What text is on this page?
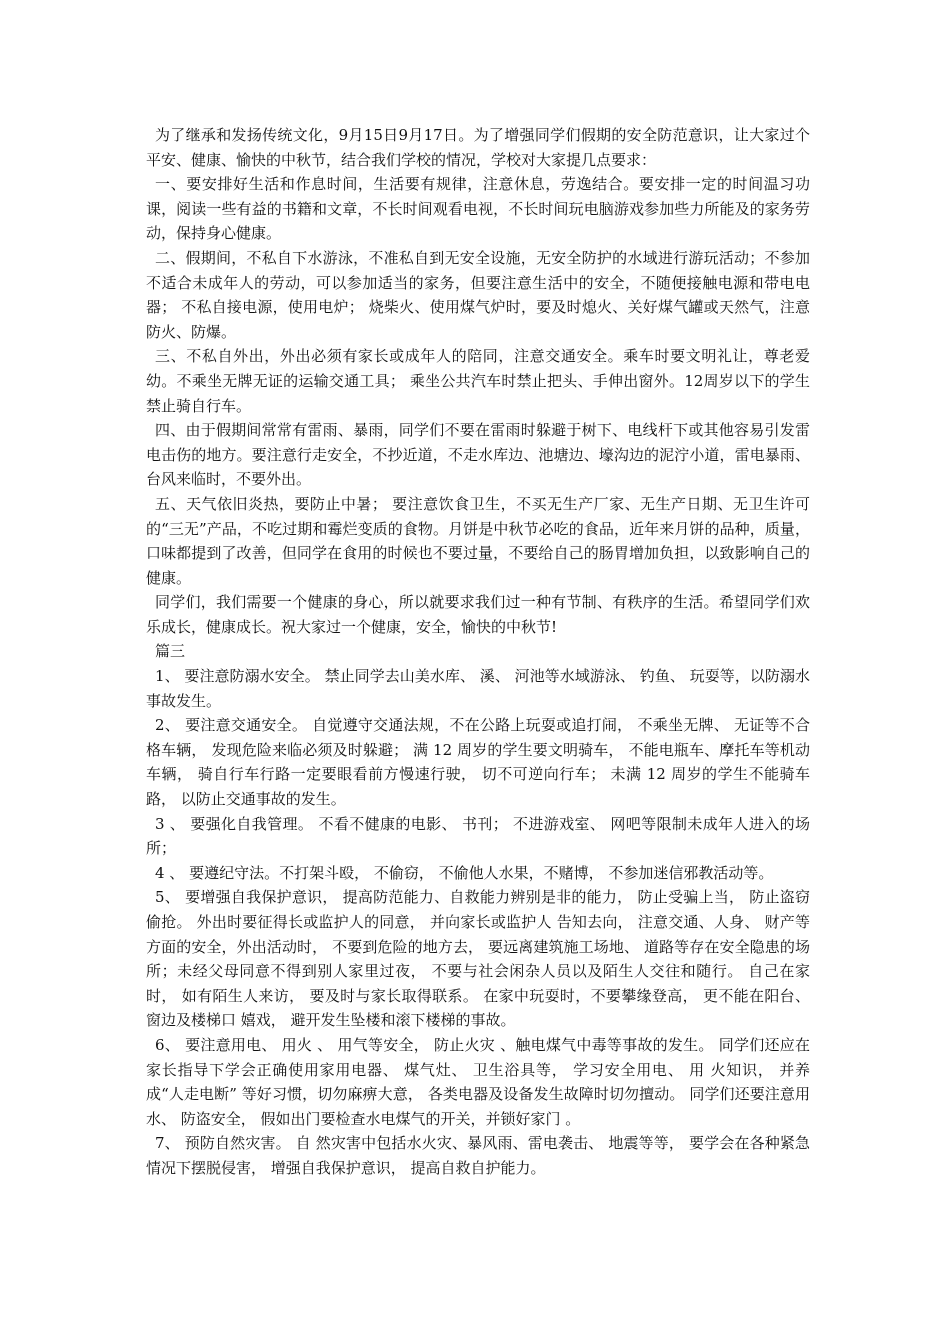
为了继承和发扬传统文化，9月15日9月17日。为了增强同学们假期的安全防范意识，让大家过个平安、健康、愉快的中秋节，结合我们学校的情况，学校对大家提几点要求：

一、要安排好生活和作息时间，生活要有规律，注意休息，劳逸结合。要安排一定的时间温习功课，阅读一些有益的书籍和文章，不长时间观看电视，不长时间玩电脑游戏参加些力所能及的家务劳动，保持身心健康。

二、假期间，不私自下水游泳，不准私自到无安全设施，无安全防护的水域进行游玩活动；不参加不适合未成年人的劳动，可以参加适当的家务，但要注意生活中的安全，不随便接触电源和带电电器； 不私自接电源，使用电炉； 烧柴火、使用煤气炉时，要及时熄火、关好煤气罐或天然气，注意防火、防爆。

三、不私自外出，外出必须有家长或成年人的陪同，注意交通安全。乘车时要文明礼让，尊老爱幼。不乘坐无牌无证的运输交通工具； 乘坐公共汽车时禁止把头、手伸出窗外。12周岁以下的学生禁止骑自行车。

四、由于假期间常常有雷雨、暴雨，同学们不要在雷雨时躲避于树下、电线杆下或其他容易引发雷电击伤的地方。要注意行走安全，不抄近道，不走水库边、池塘边、壕沟边的泥泞小道，雷电暴雨、台风来临时，不要外出。

五、天气依旧炎热，要防止中暑； 要注意饮食卫生，不买无生产厂家、无生产日期、无卫生许可的“三无”产品，不吃过期和霉烂变质的食物。月饼是中秋节必吃的食品，近年来月饼的品种，质量，口味都提到了改善，但同学在食用的时候也不要过量，不要给自己的肠胃增加负担，以致影响自己的健康。

同学们，我们需要一个健康的身心，所以就要求我们过一种有节制、有秩序的生活。希望同学们欢乐成长，健康成长。祝大家过一个健康，安全，愉快的中秋节!

篇三

1、 要注意防溺水安全。 禁止同学去山美水库、 溪、 河池等水域游泳、 钓鱼、 玩耍等，以防溺水事故发生。

2、 要注意交通安全。 自觉遵守交通法规，不在公路上玩耍或追打闹， 不乘坐无牌、 无证等不合格车辆， 发现危险来临必须及时躲避； 满 12 周岁的学生要文明骑车， 不能电瓶车、摩托车等机动车辆， 骑自行车行路一定要眼看前方慢速行驶， 切不可逆向行车； 未满 12 周岁的学生不能骑车路， 以防止交通事故的发生。

3 、 要强化自我管理。 不看不健康的电影、 书刊； 不进游戏室、 网吧等限制未成年人进入的场所；

4 、 要遵纪守法。不打架斗殴， 不偷窃， 不偷他人水果，不赌博， 不参加迷信邪教活动等。

5、 要增强自我保护意识， 提高防范能力、自救能力辨别是非的能力， 防止受骗上当， 防止盗窃偷抢。 外出时要征得长或监护人的同意， 并向家长或监护人 告知去向， 注意交通、人身、 财产等方面的安全，外出活动时， 不要到危险的地方去， 要远离建筑施工场地、 道路等存在安全隐患的场所；未经父母同意不得到别人家里过夜， 不要与社会闲杂人员以及陌生人交往和随行。 自己在家时， 如有陌生人来访， 要及时与家长取得联系。 在家中玩耍时，不要攀缘登高， 更不能在阳台、 窗边及楼梯口 嬉戏， 避开发生坠楼和滚下楼梯的事故。

6、 要注意用电、 用火 、 用气等安全， 防止火灾 、触电煤气中毒等事故的发生。 同学们还应在家长指导下学会正确使用家用电器、 煤气灶、 卫生浴具等， 学习安全用电、 用 火知识， 并养成“人走电断” 等好习惯，切勿麻痹大意， 各类电器及设备发生故障时切勿擅动。 同学们还要注意用水、 防盗安全， 假如出门要检查水电煤气的开关，并锁好家门 。

7、 预防自然灾害。 自 然灾害中包括水火灾、暴风雨、雷电袭击、 地震等等， 要学会在各种紧急情况下摆脱侵害， 增强自我保护意识， 提高自救自护能力。
